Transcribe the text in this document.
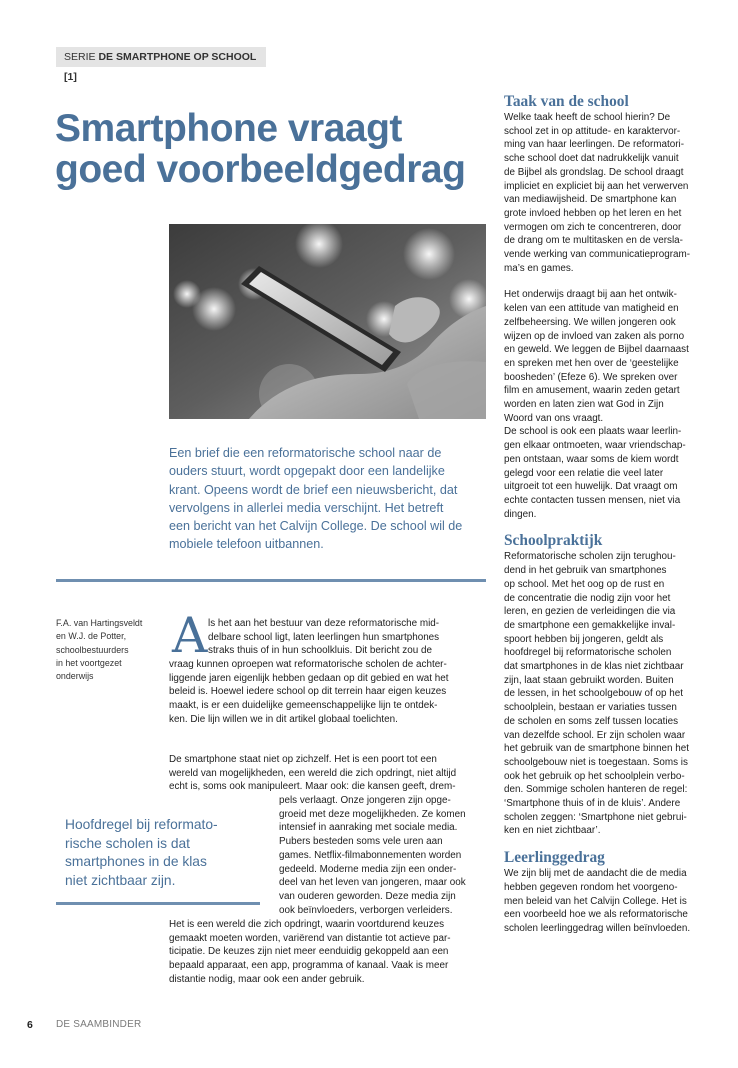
SERIE DE SMARTPHONE OP SCHOOL [1]
Smartphone vraagt
goed voorbeeldgedrag

Een brief die een reformatorische school naar de
ouders stuurt, wordt opgepakt door een landelijke
krant. Opeens wordt de brief een nieuwsbericht, dat
vervolgens in allerlei media verschijnt. Het betreft
een bericht van het Calvijn College. De school wil de
mobiele telefoon uitbannen.

F.A. van Hartingsveldt
en W.J. de Potter,
schoolbestuurders
in het voortgezet
onderwijs

A ls het aan het bestuur van deze reformatorische mid-
delbare school ligt, laten leerlingen hun smartphones
straks thuis of in hun schoolkluis. Dit bericht zou de

vraag kunnen oproepen wat reformatorische scholen de achter-
liggende jaren eigenlijk hebben gedaan op dit gebied en wat het
beleid is. Hoewel iedere school op dit terrein haar eigen keuzes
maakt, is er een duidelijke gemeenschappelijke lijn te ontdek-
ken. Die lijn willen we in dit artikel globaal toelichten.

De smartphone staat niet op zichzelf. Het is een poort tot een
wereld van mogelijkheden, een wereld die zich opdringt, niet altijd
echt is, soms ook manipuleert. Maar ook: die kansen geeft, drem-

pels verlaagt. Onze jongeren zijn opge-
groeid met deze mogelijkheden. Ze komen
intensief in aanraking met sociale media.
Pubers besteden soms vele uren aan
games. Netflix-filmabonnementen worden
gedeeld. Moderne media zijn een onder-
deel van het leven van jongeren, maar ook
van ouderen geworden. Deze media zijn
ook beïnvloeders, verborgen verleiders.

Het is een wereld die zich opdringt, waarin voortdurend keuzes
gemaakt moeten worden, variërend van distantie tot actieve par-
ticipatie. De keuzes zijn niet meer eenduidig gekoppeld aan een
bepaald apparaat, een app, programma of kanaal. Vaak is meer
distantie nodig, maar ook een ander gebruik.

Hoofdregel bij reformato-
rische scholen is dat
smartphones in de klas
niet zichtbaar zijn.

Taak van de school

Welke taak heeft de school hierin? De
school zet in op attitude- en karaktervor-
ming van haar leerlingen. De reformatori-
sche school doet dat nadrukkelijk vanuit
de Bijbel als grondslag. De school draagt
impliciet en expliciet bij aan het verwerven
van mediawijsheid. De smartphone kan
grote invloed hebben op het leren en het
vermogen om zich te concentreren, door
de drang om te multitasken en de versla-
vende werking van communicatieprogram-
ma’s en games.

Het onderwijs draagt bij aan het ontwik-
kelen van een attitude van matigheid en
zelfbeheersing. We willen jongeren ook
wijzen op de invloed van zaken als porno
en geweld. We leggen de Bijbel daarnaast
en spreken met hen over de ‘geestelijke
boosheden’ (Efeze 6). We spreken over
film en amusement, waarin zeden getart
worden en laten zien wat God in Zijn
Woord van ons vraagt.
De school is ook een plaats waar leerlin-
gen elkaar ontmoeten, waar vriendschap-
pen ontstaan, waar soms de kiem wordt
gelegd voor een relatie die veel later
uitgroeit tot een huwelijk. Dat vraagt om
echte contacten tussen mensen, niet via
dingen.

Schoolpraktijk

Reformatorische scholen zijn terughou-
dend in het gebruik van smartphones
op school. Met het oog op de rust en
de concentratie die nodig zijn voor het
leren, en gezien de verleidingen die via
de smartphone een gemakkelijke inval-
spoort hebben bij jongeren, geldt als
hoofdregel bij reformatorische scholen
dat smartphones in de klas niet zichtbaar
zijn, laat staan gebruikt worden. Buiten
de lessen, in het schoolgebouw of op het
schoolplein, bestaan er variaties tussen
de scholen en soms zelf tussen locaties
van dezelfde school. Er zijn scholen waar
het gebruik van de smartphone binnen het
schoolgebouw niet is toegestaan. Soms is
ook het gebruik op het schoolplein verbo-
den. Sommige scholen hanteren de regel:
‘Smartphone thuis of in de kluis’. Andere
scholen zeggen: ‘Smartphone niet gebrui-
ken en niet zichtbaar’.

Leerlinggedrag

We zijn blij met de aandacht die de media
hebben gegeven rondom het voorgeno-
men beleid van het Calvijn College. Het is
een voorbeeld hoe we als reformatorische
scholen leerlinggedrag willen beïnvloeden.

6 DE SAAMBINDER
